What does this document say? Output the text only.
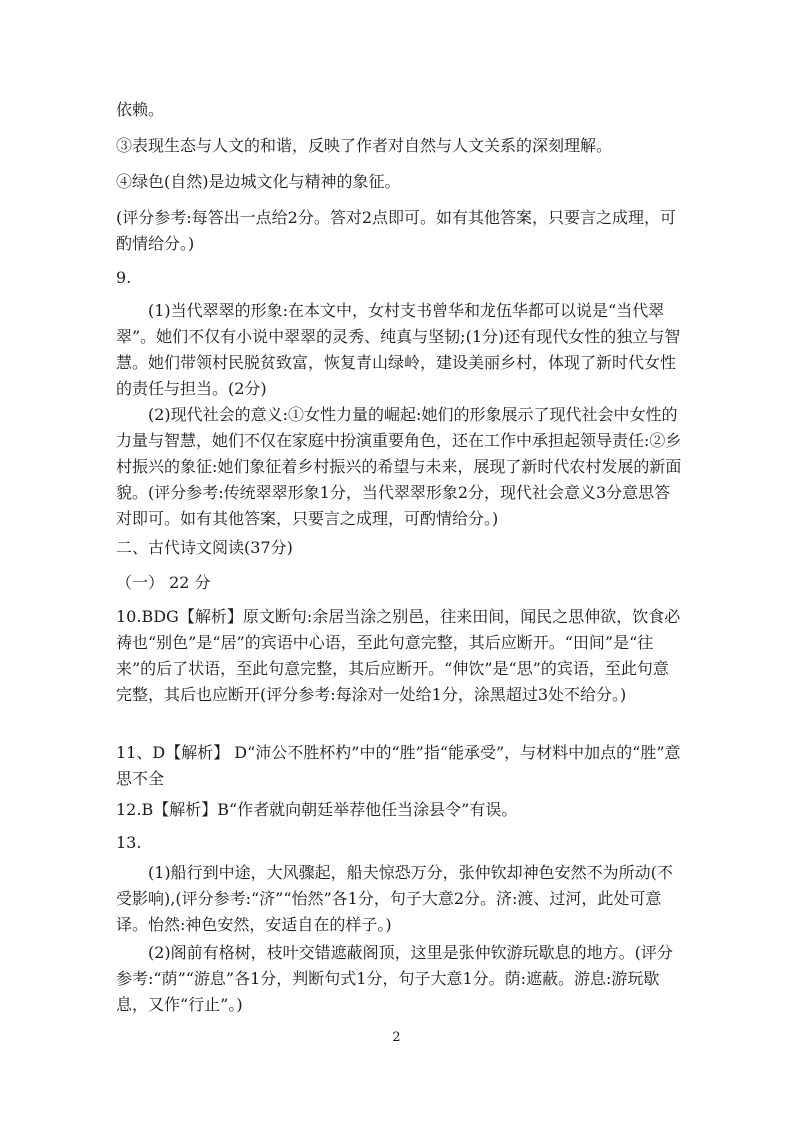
依赖。

③表现生态与人文的和谐，反映了作者对自然与人文关系的深刻理解。

④绿色(自然)是边城文化与精神的象征。

(评分参考:每答出一点给2分。答对2点即可。如有其他答案，只要言之成理，可酌情给分。)

9.

(1)当代翠翠的形象:在本文中，女村支书曾华和龙伍华都可以说是“当代翠翠”。她们不仅有小说中翠翠的灵秀、纯真与坚韧;(1分)还有现代女性的独立与智慧。她们带领村民脱贫致富，恢复青山绿岭，建设美丽乡村，体现了新时代女性的责任与担当。(2分)

(2)现代社会的意义:①女性力量的崛起:她们的形象展示了现代社会中女性的力量与智慧，她们不仅在家庭中扮演重要角色，还在工作中承担起领导责任:②乡村振兴的象征:她们象征着乡村振兴的希望与未来，展现了新时代农村发展的新面貌。(评分参考:传统翠翠形象1分，当代翠翠形象2分，现代社会意义3分意思答对即可。如有其他答案，只要言之成理，可酌情给分。)

二、古代诗文阅读(37分)

（一） 22 分

10.BDG【解析】原文断句:余居当涂之别邑，往来田间，闻民之思伸欲，饮食必祷也“别色”是“居”的宾语中心语，至此句意完整，其后应断开。“田间”是“往来”的后了状语，至此句意完整，其后应断开。“伸饮”是“思”的宾语，至此句意完整，其后也应断开(评分参考:每涂对一处给1分，涂黑超过3处不给分。)

11、D【解析】 D“沛公不胜杯杓”中的“胜”指“能承受”，与材料中加点的“胜”意思不全

12.B【解析】B“作者就向朝廷举荐他任当涂县令”有误。

13.

(1)船行到中途，大风骤起，船夫惊恐万分，张仲钦却神色安然不为所动(不受影响),(评分参考:“济”“怡然”各1分，句子大意2分。济:渡、过河，此处可意译。怡然:神色安然，安适自在的样子。)

(2)阁前有格树，枝叶交错遮蔽阁顶，这里是张仲钦游玩歇息的地方。(评分参考:“荫”“游息”各1分，判断句式1分，句子大意1分。荫:遮蔽。游息:游玩歇息，又作“行止”。)

2
